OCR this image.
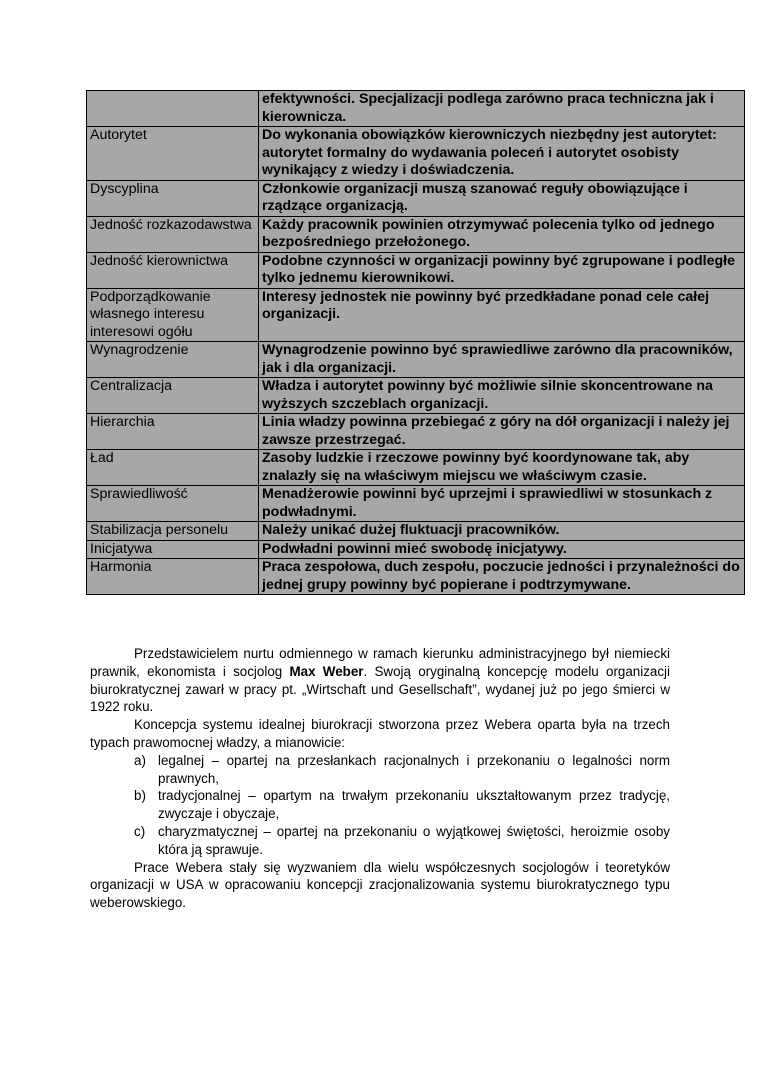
	efektywności. Specjalizacji podlega zarówno praca techniczna jak i kierownicza.
Autorytet	Do wykonania obowiązków kierowniczych niezbędny jest autorytet: autorytet formalny do wydawania poleceń i autorytet osobisty wynikający z wiedzy i doświadczenia.
Dyscyplina	Członkowie organizacji muszą szanować reguły obowiązujące i rządzące organizacją.
Jedność rozkazodawstwa	Każdy pracownik powinien otrzymywać polecenia tylko od jednego bezpośredniego przełożonego.
Jedność kierownictwa	Podobne czynności w organizacji powinny być zgrupowane i podległe tylko jednemu kierownikowi.
Podporządkowanie własnego interesu interesowi ogółu	Interesy jednostek nie powinny być przedkładane ponad cele całej organizacji.
Wynagrodzenie	Wynagrodzenie powinno być sprawiedliwe zarówno dla pracowników, jak i dla organizacji.
Centralizacja	Władza i autorytet powinny być możliwie silnie skoncentrowane na wyższych szczeblach organizacji.
Hierarchia	Linia władzy powinna przebiegać z góry na dół organizacji i należy jej zawsze przestrzegać.
Ład	Zasoby ludzkie i rzeczowe powinny być koordynowane tak, aby znalazły się na właściwym miejscu we właściwym czasie.
Sprawiedliwość	Menadżerowie powinni być uprzejmi i sprawiedliwi w stosunkach z podwładnymi.
Stabilizacja personelu	Należy unikać dużej fluktuacji pracowników.
Inicjatywa	Podwładni powinni mieć swobodę inicjatywy.
Harmonia	Praca zespołowa, duch zespołu, poczucie jedności i przynależności do jednej grupy powinny być popierane i podtrzymywane.

Przedstawicielem nurtu odmiennego w ramach kierunku administracyjnego był niemiecki prawnik, ekonomista i socjolog Max Weber. Swoją oryginalną koncepcję modelu organizacji biurokratycznej zawarł w pracy pt. „Wirtschaft und Gesellschaft”, wydanej już po jego śmierci w 1922 roku.

Koncepcja systemu idealnej biurokracji stworzona przez Webera oparta była na trzech typach prawomocnej władzy, a mianowicie:

a) legalnej – opartej na przesłankach racjonalnych i przekonaniu o legalności norm prawnych,
b) tradycjonalnej – opartym na trwałym przekonaniu ukształtowanym przez tradycję, zwyczaje i obyczaje,
c) charyzmatycznej – opartej na przekonaniu o wyjątkowej świętości, heroizmie osoby która ją sprawuje.

Prace Webera stały się wyzwaniem dla wielu współczesnych socjologów i teoretyków organizacji w USA w opracowaniu koncepcji zracjonalizowania systemu biurokratycznego typu weberowskiego.
